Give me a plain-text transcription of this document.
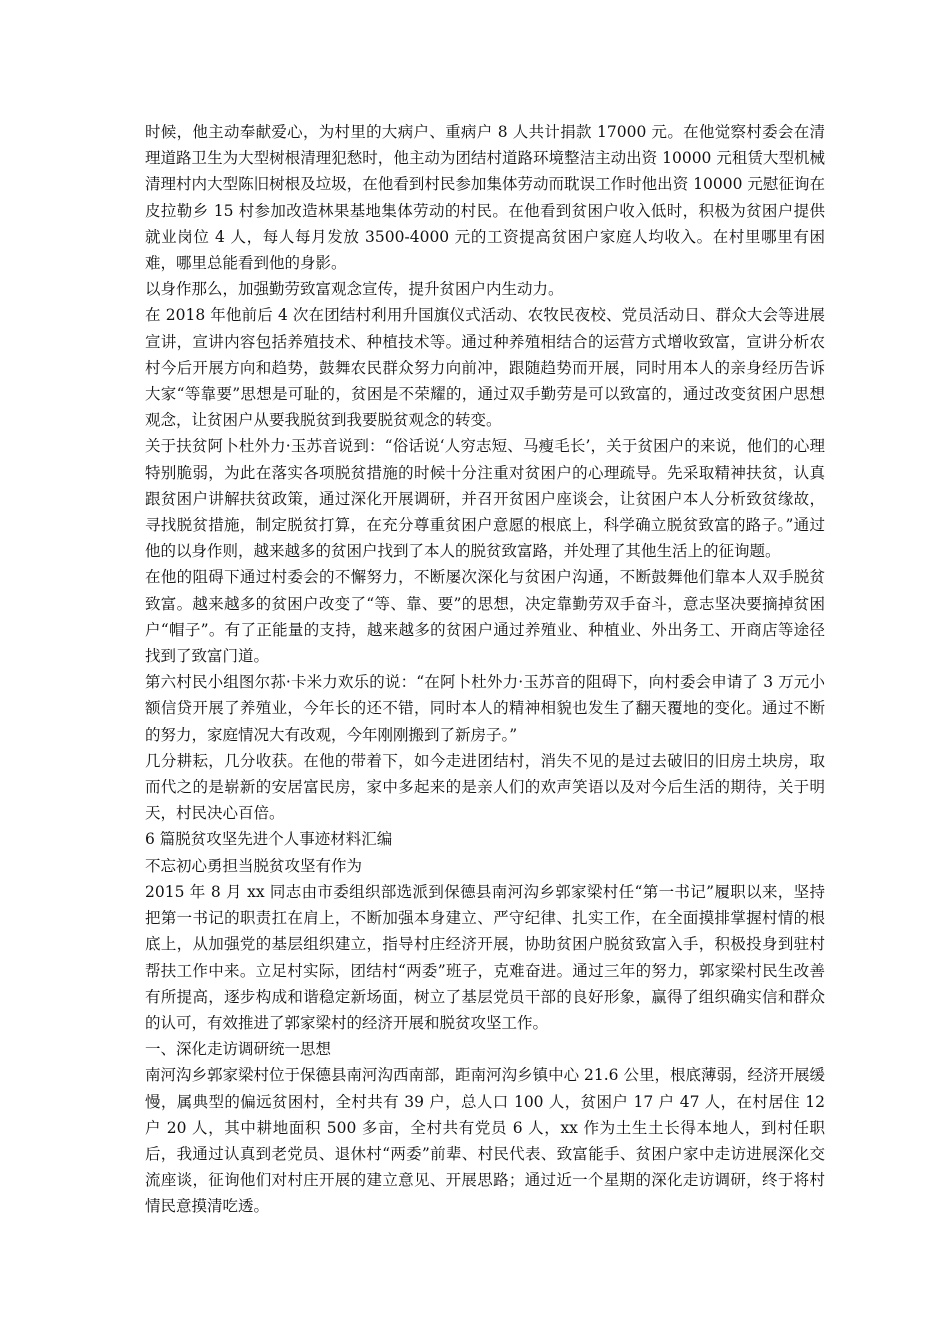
时候，他主动奉献爱心，为村里的大病户、重病户 8 人共计捐款 17000 元。在他觉察村委会在清理道路卫生为大型树根清理犯愁时，他主动为团结村道路环境整洁主动出资 10000 元租赁大型机械清理村内大型陈旧树根及垃圾，在他看到村民参加集体劳动而耽误工作时他出资 10000 元慰征询在皮拉勒乡 15 村参加改造林果基地集体劳动的村民。在他看到贫困户收入低时，积极为贫困户提供就业岗位 4 人，每人每月发放 3500-4000 元的工资提高贫困户家庭人均收入。在村里哪里有困难，哪里总能看到他的身影。

以身作那么，加强勤劳致富观念宣传，提升贫困户内生动力。

在 2018 年他前后 4 次在团结村利用升国旗仪式活动、农牧民夜校、党员活动日、群众大会等进展宣讲，宣讲内容包括养殖技术、种植技术等。通过种养殖相结合的运营方式增收致富，宣讲分析农村今后开展方向和趋势，鼓舞农民群众努力向前冲，跟随趋势而开展，同时用本人的亲身经历告诉大家“等靠要”思想是可耻的，贫困是不荣耀的，通过双手勤劳是可以致富的，通过改变贫困户思想观念，让贫困户从要我脱贫到我要脱贫观念的转变。

关于扶贫阿卜杜外力·玉苏音说到：“俗话说‘人穷志短、马瘦毛长’，关于贫困户的来说，他们的心理特别脆弱，为此在落实各项脱贫措施的时候十分注重对贫困户的心理疏导。先采取精神扶贫，认真跟贫困户讲解扶贫政策，通过深化开展调研，并召开贫困户座谈会，让贫困户本人分析致贫缘故，寻找脱贫措施，制定脱贫打算，在充分尊重贫困户意愿的根底上，科学确立脱贫致富的路子。”通过他的以身作则，越来越多的贫困户找到了本人的脱贫致富路，并处理了其他生活上的征询题。

在他的阻碍下通过村委会的不懈努力，不断屡次深化与贫困户沟通，不断鼓舞他们靠本人双手脱贫致富。越来越多的贫困户改变了“等、靠、要”的思想，决定靠勤劳双手奋斗，意志坚决要摘掉贫困户“帽子”。有了正能量的支持，越来越多的贫困户通过养殖业、种植业、外出务工、开商店等途径找到了致富门道。

第六村民小组图尔荪·卡米力欢乐的说：“在阿卜杜外力·玉苏音的阻碍下，向村委会申请了 3 万元小额信贷开展了养殖业，今年长的还不错，同时本人的精神相貌也发生了翻天覆地的变化。通过不断的努力，家庭情况大有改观，今年刚刚搬到了新房子。”

几分耕耘，几分收获。在他的带着下，如今走进团结村，消失不见的是过去破旧的旧房土块房，取而代之的是崭新的安居富民房，家中多起来的是亲人们的欢声笑语以及对今后生活的期待，关于明天，村民决心百倍。

6 篇脱贫攻坚先进个人事迹材料汇编

不忘初心勇担当脱贫攻坚有作为

2015 年 8 月 xx 同志由市委组织部选派到保德县南河沟乡郭家梁村任“第一书记”履职以来，坚持把第一书记的职责扛在肩上，不断加强本身建立、严守纪律、扎实工作，在全面摸排掌握村情的根底上，从加强党的基层组织建立，指导村庄经济开展，协助贫困户脱贫致富入手，积极投身到驻村帮扶工作中来。立足村实际，团结村“两委”班子，克难奋进。通过三年的努力，郭家梁村民生改善有所提高，逐步构成和谐稳定新场面，树立了基层党员干部的良好形象，赢得了组织确实信和群众的认可，有效推进了郭家梁村的经济开展和脱贫攻坚工作。

一、深化走访调研统一思想

南河沟乡郭家梁村位于保德县南河沟西南部，距南河沟乡镇中心 21.6 公里，根底薄弱，经济开展缓慢，属典型的偏远贫困村，全村共有 39 户，总人口 100 人，贫困户 17 户 47 人，在村居住 12 户 20 人，其中耕地面积 500 多亩，全村共有党员 6 人，xx 作为土生土长得本地人，到村任职后，我通过认真到老党员、退休村“两委”前辈、村民代表、致富能手、贫困户家中走访进展深化交流座谈，征询他们对村庄开展的建立意见、开展思路；通过近一个星期的深化走访调研，终于将村情民意摸清吃透。
